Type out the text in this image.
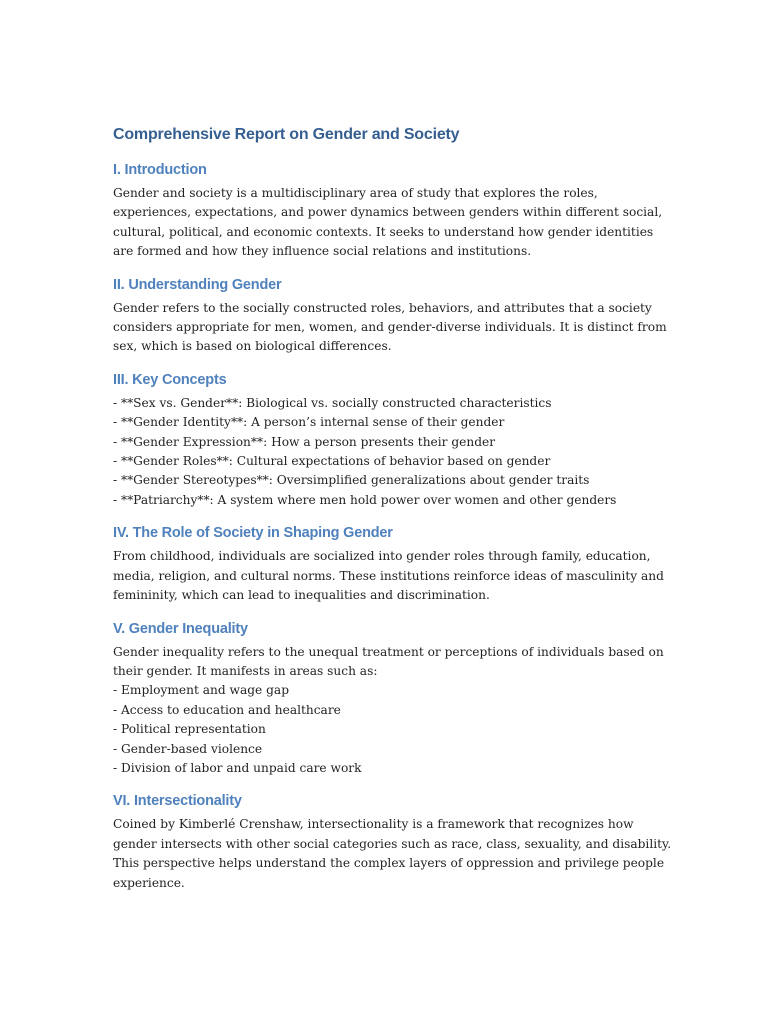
Comprehensive Report on Gender and Society
I. Introduction

Gender and society is a multidisciplinary area of study that explores the roles, experiences, expectations, and power dynamics between genders within different social, cultural, political, and economic contexts. It seeks to understand how gender identities are formed and how they influence social relations and institutions.

II. Understanding Gender

Gender refers to the socially constructed roles, behaviors, and attributes that a society considers appropriate for men, women, and gender-diverse individuals. It is distinct from sex, which is based on biological differences.

III. Key Concepts
- **Sex vs. Gender**: Biological vs. socially constructed characteristics
- **Gender Identity**: A person’s internal sense of their gender
- **Gender Expression**: How a person presents their gender
- **Gender Roles**: Cultural expectations of behavior based on gender
- **Gender Stereotypes**: Oversimplified generalizations about gender traits
- **Patriarchy**: A system where men hold power over women and other genders
IV. The Role of Society in Shaping Gender

From childhood, individuals are socialized into gender roles through family, education, media, religion, and cultural norms. These institutions reinforce ideas of masculinity and femininity, which can lead to inequalities and discrimination.

V. Gender Inequality

Gender inequality refers to the unequal treatment or perceptions of individuals based on their gender. It manifests in areas such as:

- Employment and wage gap
- Access to education and healthcare
- Political representation
- Gender-based violence
- Division of labor and unpaid care work
VI. Intersectionality

Coined by Kimberlé Crenshaw, intersectionality is a framework that recognizes how gender intersects with other social categories such as race, class, sexuality, and disability. This perspective helps understand the complex layers of oppression and privilege people experience.
